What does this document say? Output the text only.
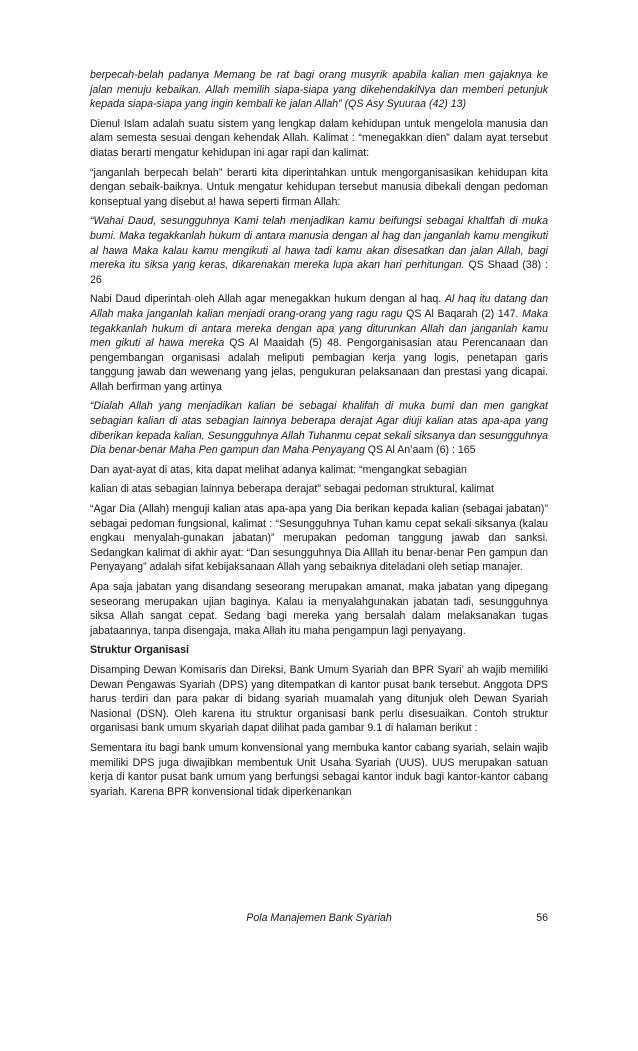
berpecah-belah padanya Memang be rat bagi orang musyrik apabila kalian men gajaknya ke jalan menuju kebaikan. Allah memilih siapa-siapa yang dikehendakiNya dan memberi petunjuk kepada siapa-siapa yang ingin kembali ke jalan Allah” (QS Asy Syuuraa (42) 13)

Dienul Islam adalah suatu sistem yang lengkap dalam kehidupan untuk mengelola manusia dan alam semesta sesuai dengan kehendak Allah. Kalimat : “menegakkan dien” dalam ayat tersebut diatas berarti mengatur kehidupan ini agar rapi dan kalimat:

“janganlah berpecah belah” berarti kita diperintahkan untuk mengorganisasikan kehidupan kita dengan sebaik-baiknya. Untuk mengatur kehidupan tersebut manusia dibekali dengan pedoman konseptual yang disebut a! hawa seperti firman Allah:

“Wahai Daud, sesungguhnya Kami telah menjadikan kamu beifungsi sebagai khaltfah di muka bumi. Maka tegakkanlah hukum di antara manusia dengan al hag dan janganlah kamu mengikuti al hawa Maka kalau kamu mengikuti al hawa tadi kamu akan disesatkan dan jalan Allah, bagi mereka itu siksa yang keras, dikarenakan mereka lupa akan hari perhitungan. QS Shaad (38) : 26

Nabi Daud diperintah oleh Allah agar menegakkan hukum dengan al haq. Al haq itu datang dan Allah maka janganlah kalian menjadi orang-orang yang ragu ragu QS Al Baqarah (2) 147. Maka tegakkanlah hukum di antara mereka dengan apa yang diturunkan Allah dan janganlah kamu men gikuti al hawa mereka QS Al Maaidah (5) 48. Pengorganisasian atau Perencanaan dan pengembangan organisasi adalah meliputi pembagian kerja yang logis, penetapan garis tanggung jawab dan wewenang yang jelas, pengukuran pelaksanaan dan prestasi yang dicapai. Allah berfirman yang artinya

“Dialah Allah yang menjadikan kalian be sebagai khalifah di muka bumi dan men gangkat sebagian kalian di atas sebagian lainnya beberapa derajat Agar diuji kalian atas apa-apa yang diberikan kepada kalian. Sesungguhnya Allah Tuhanmu cepat sekali siksanya dan sesungguhnya Dia benar-benar Maha Pen gampun dan Maha Penyayang QS Al An’aam (6) : 165

Dan ayat-ayat di atas, kita dapat melihat adanya kalimat: “mengangkat sebagian

kalian di atas sebagian lainnya beberapa derajat” sebagai pedoman struktural, kalimat

“Agar Dia (Allah) menguji kalian atas apa-apa yang Dia berikan kepada kalian (sebagai jabatan)” sebagai pedoman fungsional, kalimat : “Sesungguhnya Tuhan kamu cepat sekali siksanya (kalau engkau menyalah-gunakan jabatan)” merupakan pedoman tanggung jawab dan sanksi. Sedangkan kalimat di akhir ayat: “Dan sesungguhnya Dia Alllah itu benar-benar Pen gampun dan Penyayang” adalah sifat kebijaksanaan Allah yang sebaiknya diteladani oleh setiap manajer.

Apa saja jabatan yang disandang seseorang merupakan amanat, maka jabatan yang dipegang seseorang merupakan ujian baginya. Kalau ia menyalahgunakan jabatan tadi, sesungguhnya siksa Allah sangat cepat. Sedang bagi mereka yang bersalah dalam melaksanakan tugas jabataannya, tanpa disengaja, maka Allah itu maha pengampun lagi penyayang.

Struktur Organisasi

Disamping Dewan Komisaris dan Direksi, Bank Umum Syariah dan BPR Syari’ ah wajib memiliki Dewan Pengawas Syariah (DPS) yang ditempatkan di kantor pusat bank tersebut. Anggota DPS harus terdiri dan para pakar di bidang syariah muamalah yang ditunjuk oleh Dewan Syariah Nasional (DSN). Oleh karena itu struktur organisasi bank perlu disesuaikan. Contoh struktur organisasi bank umum skyariah dapat dilihat pada gambar 9.1 di halaman berikut :

Sementara itu bagi bank umum konvensional yang membuka kantor cabang syariah, selain wajib memiliki DPS juga diwajibkan membentuk Unit Usaha Syariah (UUS). UUS merupakan satuan kerja di kantor pusat bank umum yang berfungsi sebagai kantor induk bagi kantor-kantor cabang syariah. Karena BPR konvensional tidak diperkenankan

Pola Manajemen Bank Syariah	56
